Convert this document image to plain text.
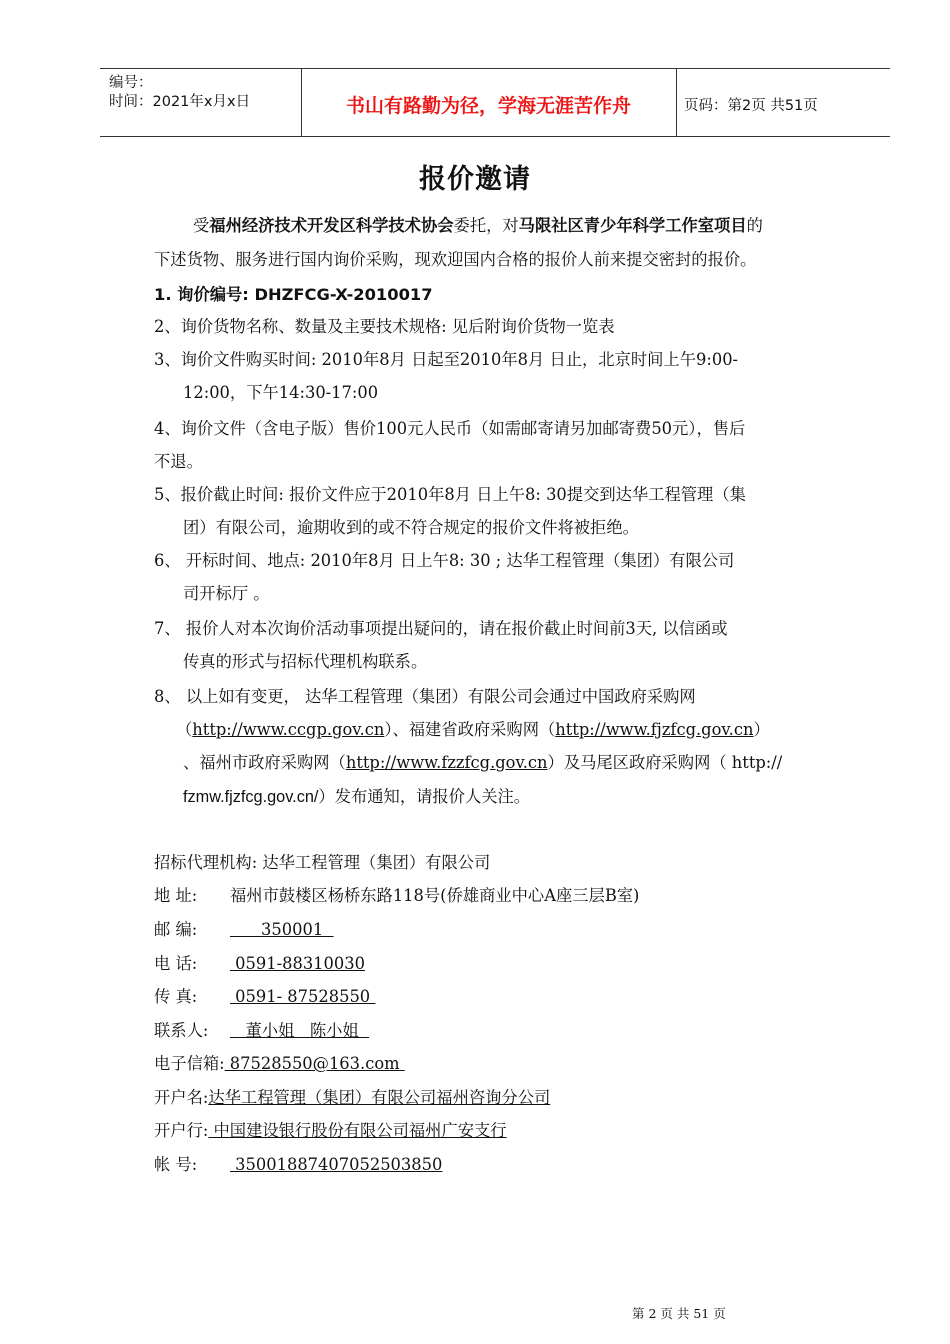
编号：
时间：2021年x月x日	书山有路勤为径，学海无涯苦作舟	页码：第2页 共51页
报价邀请
受福州经济技术开发区科学技术协会委托，对马限社区青少年科学工作室项目的
下述货物、服务进行国内询价采购，现欢迎国内合格的报价人前来提交密封的报价。
1. 询价编号: DHZFCG-X-2010017
2、询价货物名称、数量及主要技术规格: 见后附询价货物一览表
3、询价文件购买时间: 2010年8月 日起至2010年8月 日止，北京时间上午9:00-
12:00，下午14:30-17:00
4、询价文件（含电子版）售价100元人民币（如需邮寄请另加邮寄费50元），售后
不退。
5、报价截止时间: 报价文件应于2010年8月 日上午8: 30提交到达华工程管理（集
团）有限公司，逾期收到的或不符合规定的报价文件将被拒绝。
6、 开标时间、地点: 2010年8月 日上午8: 30 ; 达华工程管理（集团）有限公司
司开标厅 。
7、 报价人对本次询价活动事项提出疑问的，请在报价截止时间前3天, 以信函或
传真的形式与招标代理机构联系。
8、 以上如有变更， 达华工程管理（集团）有限公司会通过中国政府采购网
（http://www.ccgp.gov.cn）、福建省政府采购网（http://www.fjzfcg.gov.cn）
、福州市政府采购网（http://www.fzzfcg.gov.cn）及马尾区政府采购网（ http://
fzmw.fjzfcg.gov.cn/）发布通知，请报价人关注。
招标代理机构: 达华工程管理（集团）有限公司
地 址: 福州市鼓楼区杨桥东路118号(侨雄商业中心A座三层B室)
邮 编:      350001
电 话: 0591-88310030
传 真: 0591- 87528550
联系人:   董小姐   陈小姐
电子信箱: 87528550@163.com
开户名:达华工程管理（集团）有限公司福州咨询分公司
开户行: 中国建设银行股份有限公司福州广安支行
帐 号: 35001887407052503850
第 2 页 共 51 页
